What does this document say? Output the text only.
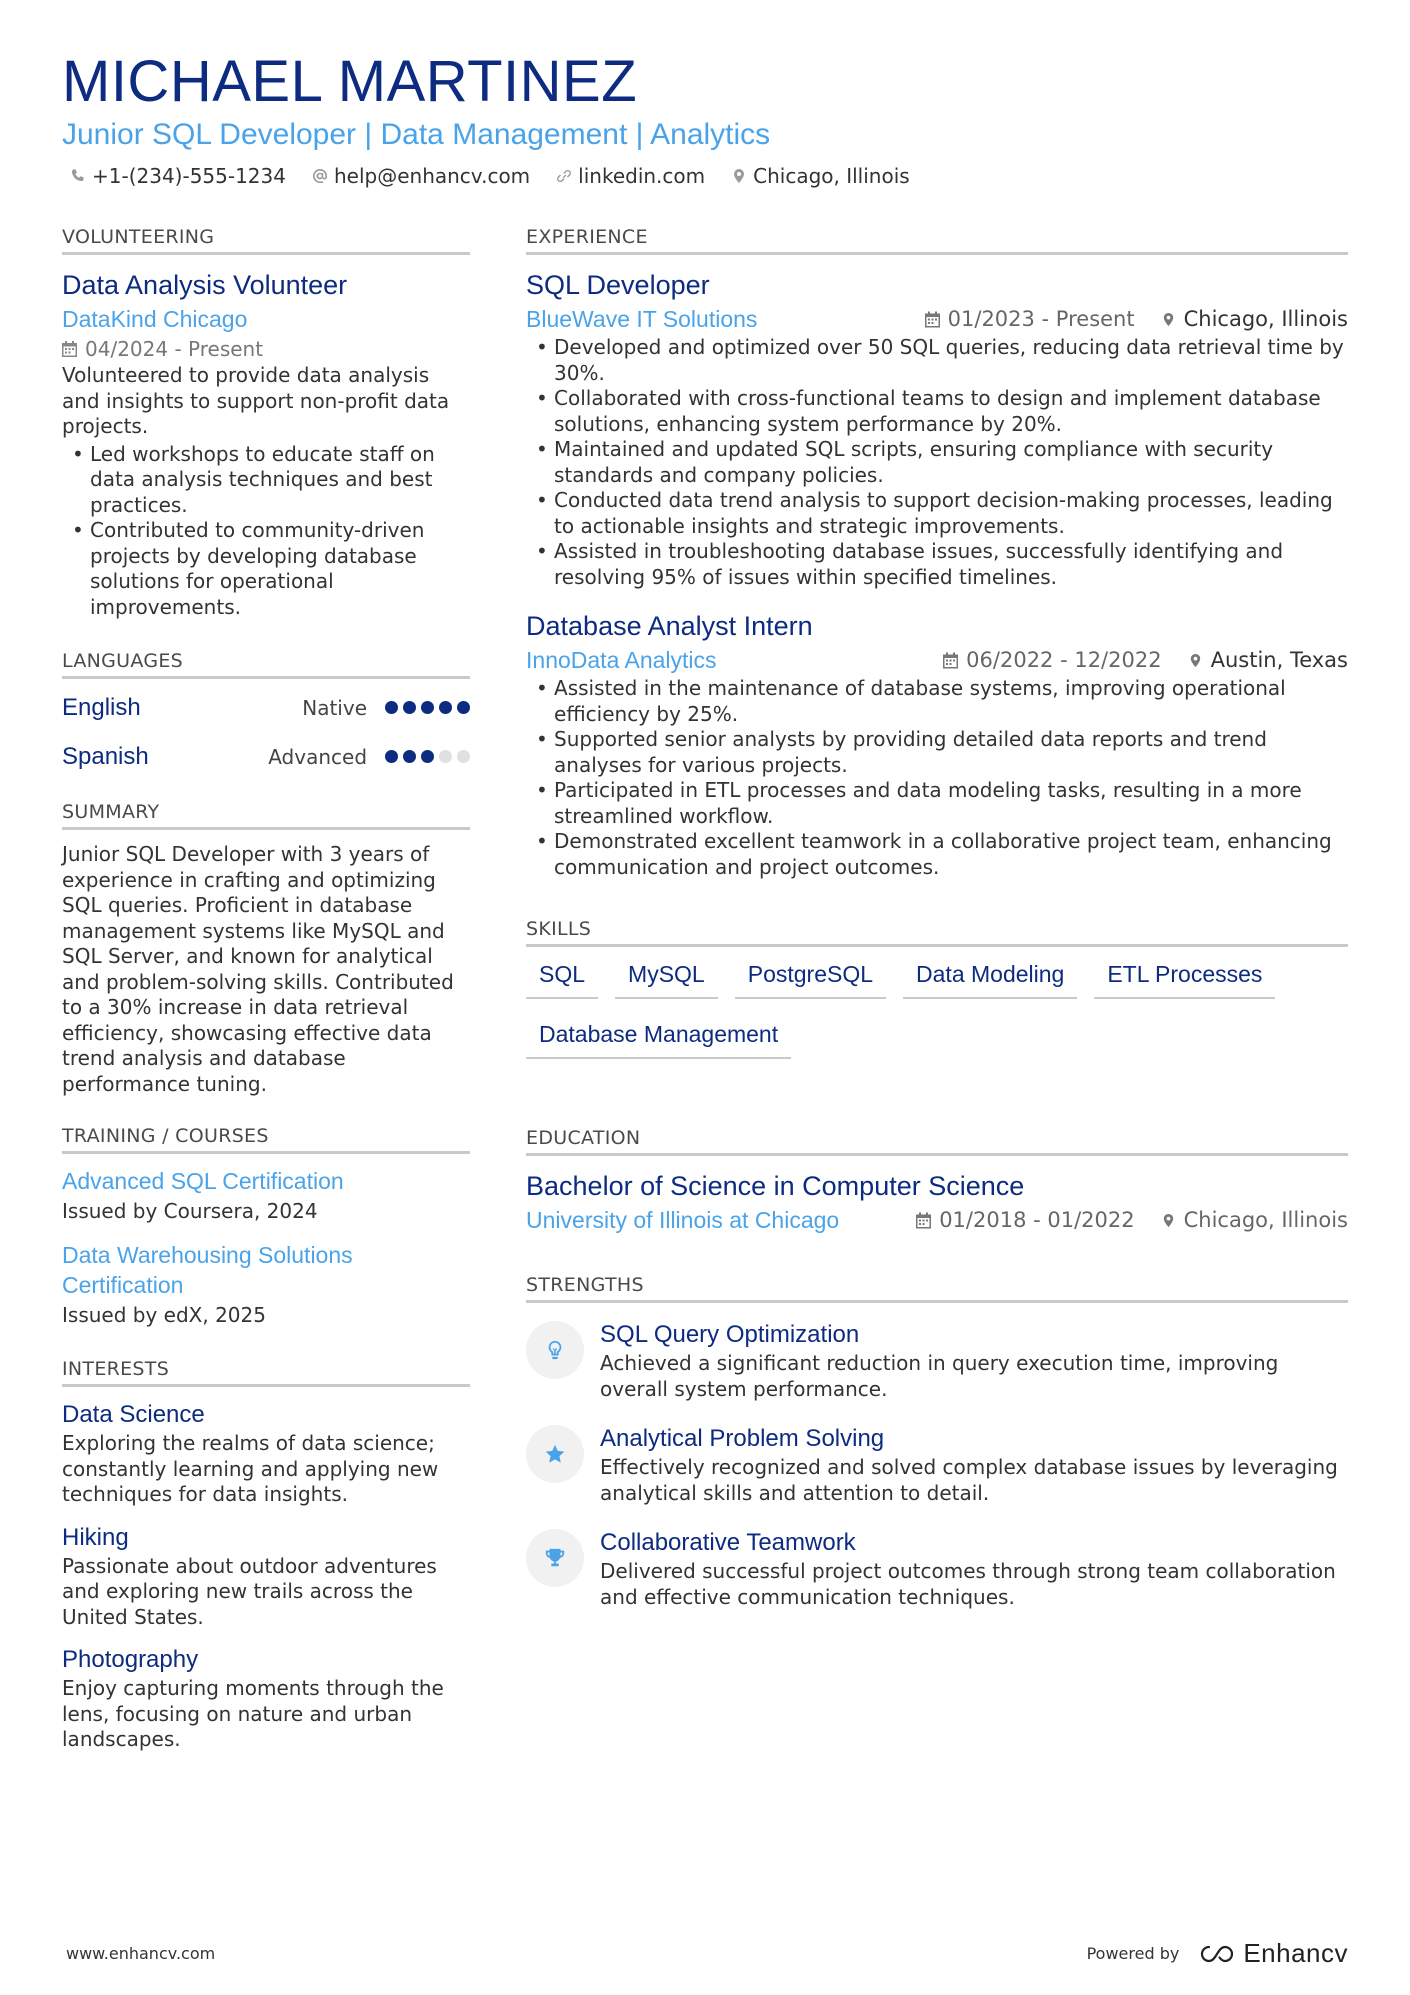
MICHAEL MARTINEZ
Junior SQL Developer | Data Management | Analytics
+1-(234)-555-1234 help@enhancv.com linkedin.com Chicago, Illinois
VOLUNTEERING
Data Analysis Volunteer
DataKind Chicago
04/2024 - Present
Volunteered to provide data analysis and insights to support non-profit data projects.
• Led workshops to educate staff on data analysis techniques and best practices.
• Contributed to community-driven projects by developing database solutions for operational improvements.
LANGUAGES
English	Native
Spanish	Advanced
SUMMARY
Junior SQL Developer with 3 years of experience in crafting and optimizing SQL queries. Proficient in database management systems like MySQL and SQL Server, and known for analytical and problem-solving skills. Contributed to a 30% increase in data retrieval efficiency, showcasing effective data trend analysis and database performance tuning.
TRAINING / COURSES
Advanced SQL Certification
Issued by Coursera, 2024
Data Warehousing Solutions Certification
Issued by edX, 2025
INTERESTS
Data Science
Exploring the realms of data science; constantly learning and applying new techniques for data insights.
Hiking
Passionate about outdoor adventures and exploring new trails across the United States.
Photography
Enjoy capturing moments through the lens, focusing on nature and urban landscapes.
EXPERIENCE
SQL Developer
BlueWave IT Solutions	01/2023 - Present Chicago, Illinois
• Developed and optimized over 50 SQL queries, reducing data retrieval time by 30%.
• Collaborated with cross-functional teams to design and implement database solutions, enhancing system performance by 20%.
• Maintained and updated SQL scripts, ensuring compliance with security standards and company policies.
• Conducted data trend analysis to support decision-making processes, leading to actionable insights and strategic improvements.
• Assisted in troubleshooting database issues, successfully identifying and resolving 95% of issues within specified timelines.
Database Analyst Intern
InnoData Analytics	06/2022 - 12/2022 Austin, Texas
• Assisted in the maintenance of database systems, improving operational efficiency by 25%.
• Supported senior analysts by providing detailed data reports and trend analyses for various projects.
• Participated in ETL processes and data modeling tasks, resulting in a more streamlined workflow.
• Demonstrated excellent teamwork in a collaborative project team, enhancing communication and project outcomes.
SKILLS
SQL MySQL PostgreSQL Data Modeling ETL ProcessesDatabase Management
EDUCATION
Bachelor of Science in Computer Science
University of Illinois at Chicago	01/2018 - 01/2022 Chicago, Illinois
STRENGTHS
SQL Query Optimization
Achieved a significant reduction in query execution time, improving overall system performance.
Analytical Problem Solving
Effectively recognized and solved complex database issues by leveraging analytical skills and attention to detail.
Collaborative Teamwork
Delivered successful project outcomes through strong team collaboration and effective communication techniques.
www.enhancv.com	Powered by Enhancv
